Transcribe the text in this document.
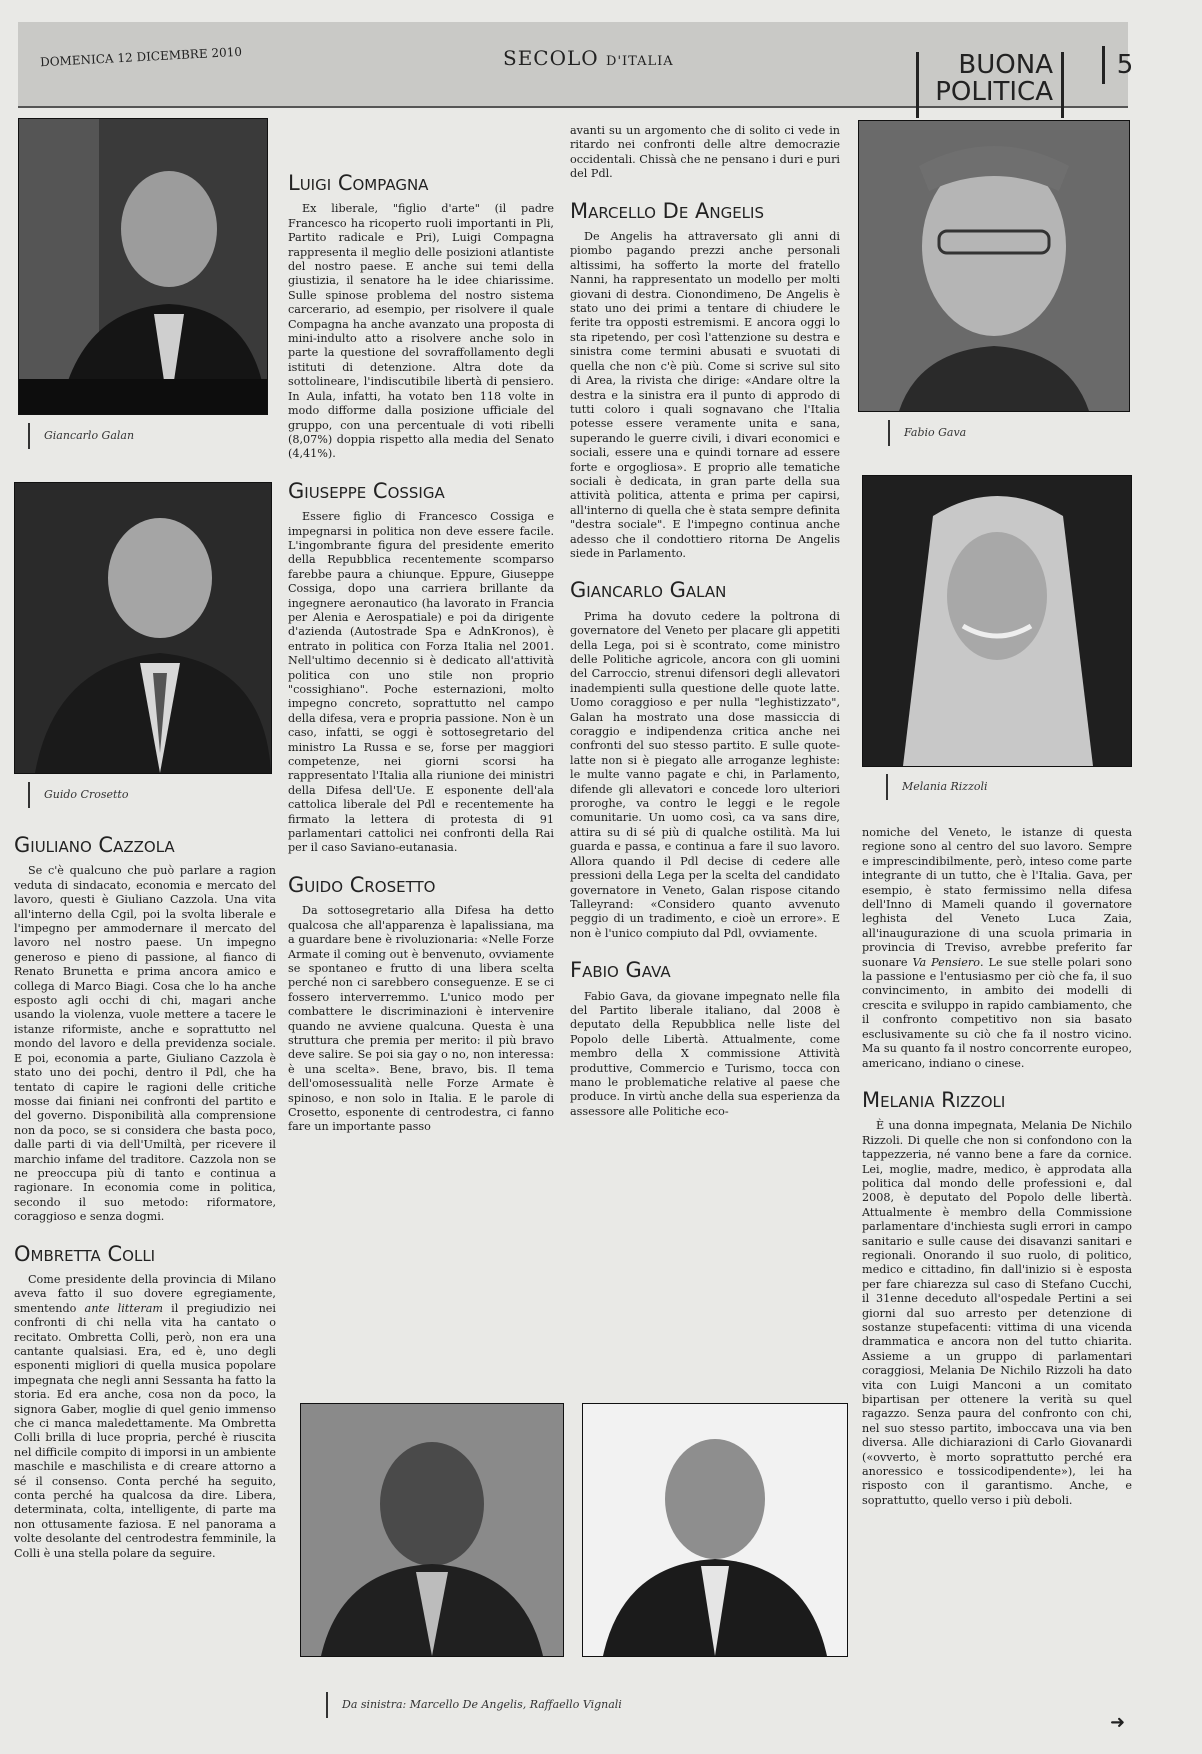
DOMENICA 12 DICEMBRE 2010	SECOLO D'ITALIA	BUONA
POLITICA
5
Giancarlo Galan
Guido Crosetto
Fabio Gava
Melania Rizzoli
Da sinistra: Marcello De Angelis, Raffaello Vignali
Giuliano Cazzola

Se c'è qualcuno che può parlare a ragion veduta di sindacato, economia e mercato del lavoro, questi è Giuliano Cazzola. Una vita all'interno della Cgil, poi la svolta liberale e l'impegno per ammodernare il mercato del lavoro nel nostro paese. Un impegno generoso e pieno di passione, al fianco di Renato Brunetta e prima ancora amico e collega di Marco Biagi. Cosa che lo ha anche esposto agli occhi di chi, magari anche usando la violenza, vuole mettere a tacere le istanze riformiste, anche e soprattutto nel mondo del lavoro e della previdenza sociale. E poi, economia a parte, Giuliano Cazzola è stato uno dei pochi, dentro il Pdl, che ha tentato di capire le ragioni delle critiche mosse dai finiani nei confronti del partito e del governo. Disponibilità alla comprensione non da poco, se si considera che basta poco, dalle parti di via dell'Umiltà, per ricevere il marchio infame del traditore. Cazzola non se ne preoccupa più di tanto e continua a ragionare. In economia come in politica, secondo il suo metodo: riformatore, coraggioso e senza dogmi.

Ombretta Colli

Come presidente della provincia di Milano aveva fatto il suo dovere egregiamente, smentendo ante litteram il pregiudizio nei confronti di chi nella vita ha cantato o recitato. Ombretta Colli, però, non era una cantante qualsiasi. Era, ed è, uno degli esponenti migliori di quella musica popolare impegnata che negli anni Sessanta ha fatto la storia. Ed era anche, cosa non da poco, la signora Gaber, moglie di quel genio immenso che ci manca maledettamente. Ma Ombretta Colli brilla di luce propria, perché è riuscita nel difficile compito di imporsi in un ambiente maschile e maschilista e di creare attorno a sé il consenso. Conta perché ha seguito, conta perché ha qualcosa da dire. Libera, determinata, colta, intelligente, di parte ma non ottusamente faziosa. E nel panorama a volte desolante del centrodestra femminile, la Colli è una stella polare da seguire.

Luigi Compagna

Ex liberale, "figlio d'arte" (il padre Francesco ha ricoperto ruoli importanti in Pli, Partito radicale e Pri), Luigi Compagna rappresenta il meglio delle posizioni atlantiste del nostro paese. E anche sui temi della giustizia, il senatore ha le idee chiarissime. Sulle spinose problema del nostro sistema carcerario, ad esempio, per risolvere il quale Compagna ha anche avanzato una proposta di mini-indulto atto a risolvere anche solo in parte la questione del sovraffollamento degli istituti di detenzione. Altra dote da sottolineare, l'indiscutibile libertà di pensiero. In Aula, infatti, ha votato ben 118 volte in modo difforme dalla posizione ufficiale del gruppo, con una percentuale di voti ribelli (8,07%) doppia rispetto alla media del Senato (4,41%).

Giuseppe Cossiga

Essere figlio di Francesco Cossiga e impegnarsi in politica non deve essere facile. L'ingombrante figura del presidente emerito della Repubblica recentemente scomparso farebbe paura a chiunque. Eppure, Giuseppe Cossiga, dopo una carriera brillante da ingegnere aeronautico (ha lavorato in Francia per Alenia e Aerospatiale) e poi da dirigente d'azienda (Autostrade Spa e AdnKronos), è entrato in politica con Forza Italia nel 2001. Nell'ultimo decennio si è dedicato all'attività politica con uno stile non proprio "cossighiano". Poche esternazioni, molto impegno concreto, soprattutto nel campo della difesa, vera e propria passione. Non è un caso, infatti, se oggi è sottosegretario del ministro La Russa e se, forse per maggiori competenze, nei giorni scorsi ha rappresentato l'Italia alla riunione dei ministri della Difesa dell'Ue. E esponente dell'ala cattolica liberale del Pdl e recentemente ha firmato la lettera di protesta di 91 parlamentari cattolici nei confronti della Rai per il caso Saviano-eutanasia.

Guido Crosetto

Da sottosegretario alla Difesa ha detto qualcosa che all'apparenza è lapalissiana, ma a guardare bene è rivoluzionaria: «Nelle Forze Armate il coming out è benvenuto, ovviamente se spontaneo e frutto di una libera scelta perché non ci sarebbero conseguenze. E se ci fossero interverremmo. L'unico modo per combattere le discriminazioni è intervenire quando ne avviene qualcuna. Questa è una struttura che premia per merito: il più bravo deve salire. Se poi sia gay o no, non interessa: è una scelta». Bene, bravo, bis. Il tema dell'omosessualità nelle Forze Armate è spinoso, e non solo in Italia. E le parole di Crosetto, esponente di centrodestra, ci fanno fare un importante passo

avanti su un argomento che di solito ci vede in ritardo nei confronti delle altre democrazie occidentali. Chissà che ne pensano i duri e puri del Pdl.

Marcello De Angelis

De Angelis ha attraversato gli anni di piombo pagando prezzi anche personali altissimi, ha sofferto la morte del fratello Nanni, ha rappresentato un modello per molti giovani di destra. Cionondimeno, De Angelis è stato uno dei primi a tentare di chiudere le ferite tra opposti estremismi. E ancora oggi lo sta ripetendo, per così l'attenzione su destra e sinistra come termini abusati e svuotati di quella che non c'è più. Come si scrive sul sito di Area, la rivista che dirige: «Andare oltre la destra e la sinistra era il punto di approdo di tutti coloro i quali sognavano che l'Italia potesse essere veramente unita e sana, superando le guerre civili, i divari economici e sociali, essere una e quindi tornare ad essere forte e orgogliosa». E proprio alle tematiche sociali è dedicata, in gran parte della sua attività politica, attenta e prima per capirsi, all'interno di quella che è stata sempre definita "destra sociale". E l'impegno continua anche adesso che il condottiero ritorna De Angelis siede in Parlamento.

Giancarlo Galan

Prima ha dovuto cedere la poltrona di governatore del Veneto per placare gli appetiti della Lega, poi si è scontrato, come ministro delle Politiche agricole, ancora con gli uomini del Carroccio, strenui difensori degli allevatori inadempienti sulla questione delle quote latte. Uomo coraggioso e per nulla "leghistizzato", Galan ha mostrato una dose massiccia di coraggio e indipendenza critica anche nei confronti del suo stesso partito. E sulle quote-latte non si è piegato alle arroganze leghiste: le multe vanno pagate e chi, in Parlamento, difende gli allevatori e concede loro ulteriori proroghe, va contro le leggi e le regole comunitarie. Un uomo così, ca va sans dire, attira su di sé più di qualche ostilità. Ma lui guarda e passa, e continua a fare il suo lavoro. Allora quando il Pdl decise di cedere alle pressioni della Lega per la scelta del candidato governatore in Veneto, Galan rispose citando Talleyrand: «Considero quanto avvenuto peggio di un tradimento, e cioè un errore». E non è l'unico compiuto dal Pdl, ovviamente.

Fabio Gava

Fabio Gava, da giovane impegnato nelle fila del Partito liberale italiano, dal 2008 è deputato della Repubblica nelle liste del Popolo delle Libertà. Attualmente, come membro della X commissione Attività produttive, Commercio e Turismo, tocca con mano le problematiche relative al paese che produce. In virtù anche della sua esperienza da assessore alle Politiche eco-

nomiche del Veneto, le istanze di questa regione sono al centro del suo lavoro. Sempre e imprescindibilmente, però, inteso come parte integrante di un tutto, che è l'Italia. Gava, per esempio, è stato fermissimo nella difesa dell'Inno di Mameli quando il governatore leghista del Veneto Luca Zaia, all'inaugurazione di una scuola primaria in provincia di Treviso, avrebbe preferito far suonare Va Pensiero. Le sue stelle polari sono la passione e l'entusiasmo per ciò che fa, il suo convincimento, in ambito dei modelli di crescita e sviluppo in rapido cambiamento, che il confronto competitivo non sia basato esclusivamente su ciò che fa il nostro vicino. Ma su quanto fa il nostro concorrente europeo, americano, indiano o cinese.

Melania Rizzoli

È una donna impegnata, Melania De Nichilo Rizzoli. Di quelle che non si confondono con la tappezzeria, né vanno bene a fare da cornice. Lei, moglie, madre, medico, è approdata alla politica dal mondo delle professioni e, dal 2008, è deputato del Popolo delle libertà. Attualmente è membro della Commissione parlamentare d'inchiesta sugli errori in campo sanitario e sulle cause dei disavanzi sanitari e regionali. Onorando il suo ruolo, di politico, medico e cittadino, fin dall'inizio si è esposta per fare chiarezza sul caso di Stefano Cucchi, il 31enne deceduto all'ospedale Pertini a sei giorni dal suo arresto per detenzione di sostanze stupefacenti: vittima di una vicenda drammatica e ancora non del tutto chiarita. Assieme a un gruppo di parlamentari coraggiosi, Melania De Nichilo Rizzoli ha dato vita con Luigi Manconi a un comitato bipartisan per ottenere la verità su quel ragazzo. Senza paura del confronto con chi, nel suo stesso partito, imboccava una via ben diversa. Alle dichiarazioni di Carlo Giovanardi («ovverto, è morto soprattutto perché era anoressico e tossicodipendente»), lei ha risposto con il garantismo. Anche, e soprattutto, quello verso i più deboli.

➜
